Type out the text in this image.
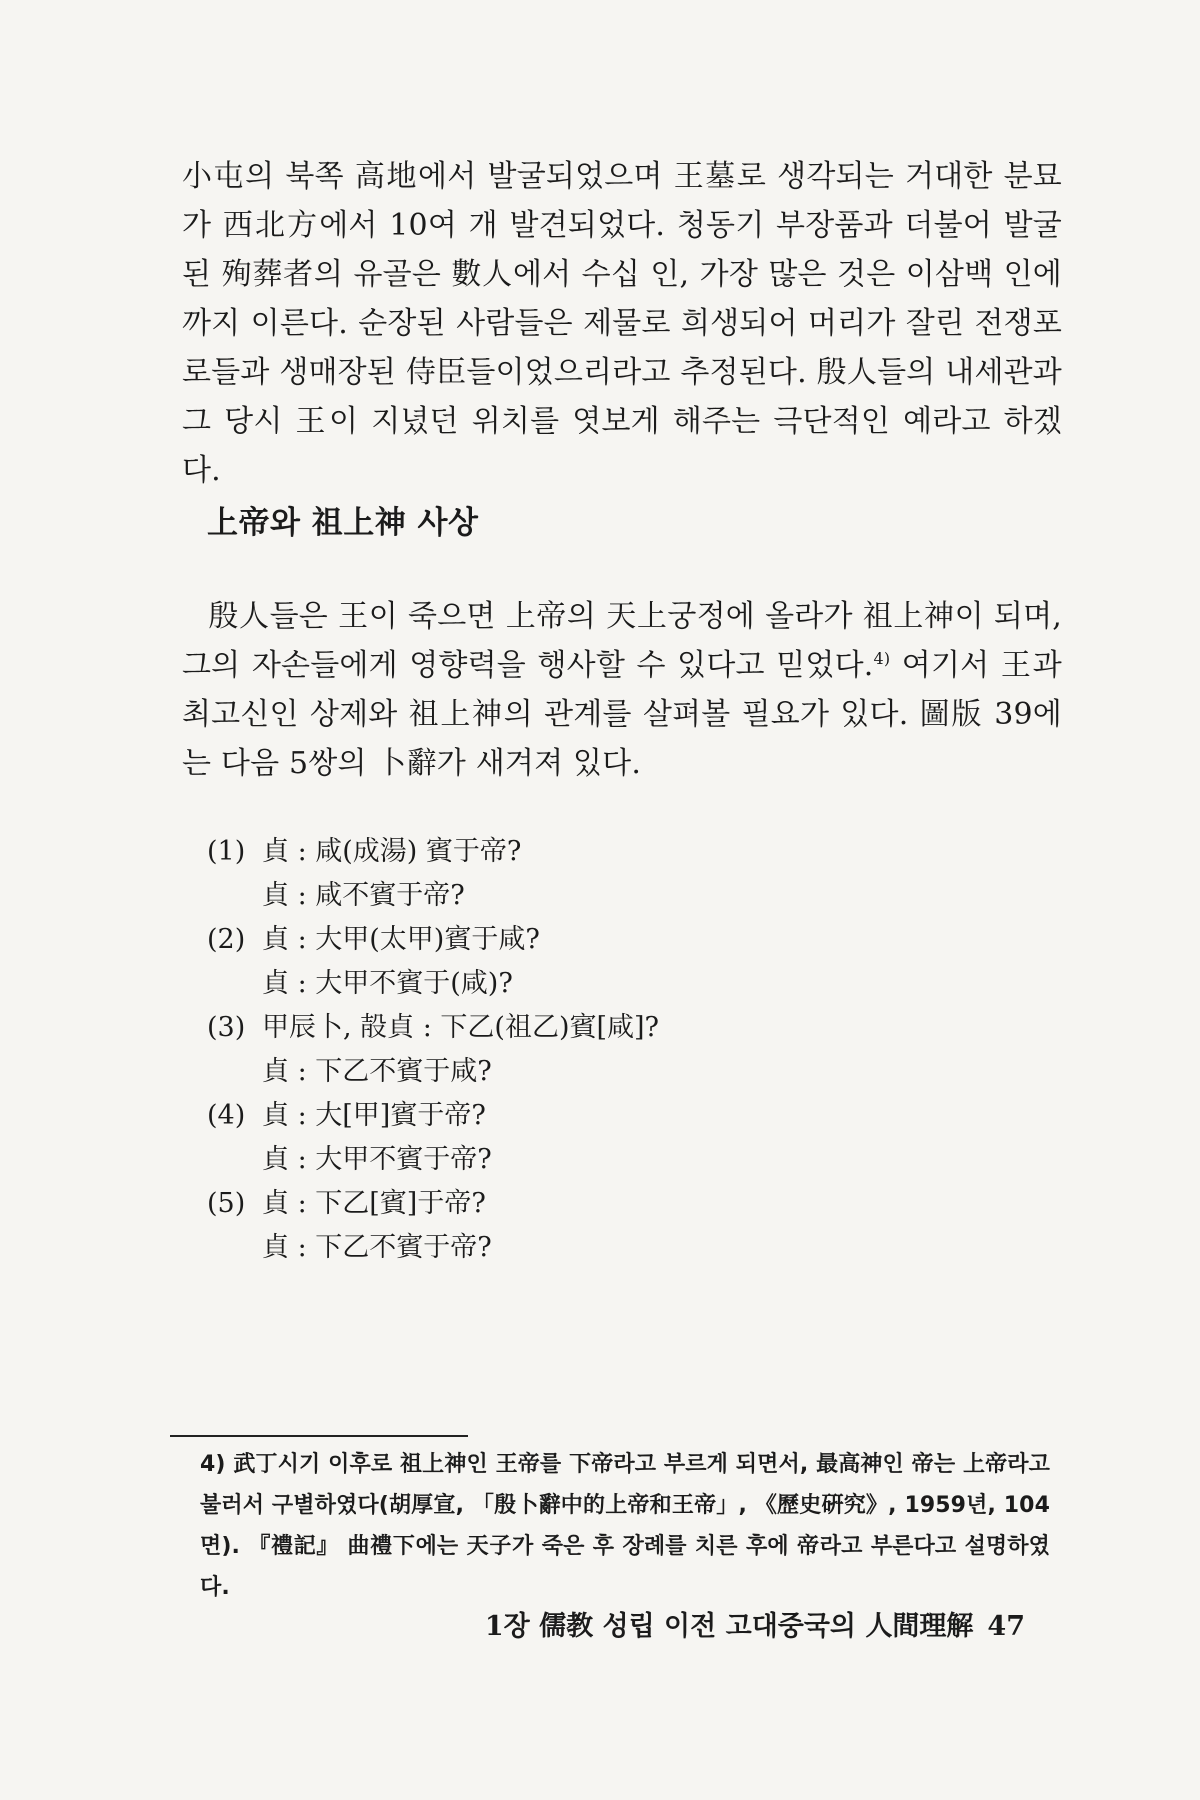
小屯의 북쪽 高地에서 발굴되었으며 王墓로 생각되는 거대한 분묘가 西北方에서 10여 개 발견되었다. 청동기 부장품과 더불어 발굴된 殉葬者의 유골은 數人에서 수십 인, 가장 많은 것은 이삼백 인에까지 이른다. 순장된 사람들은 제물로 희생되어 머리가 잘린 전쟁포로들과 생매장된 侍臣들이었으리라고 추정된다. 殷人들의 내세관과 그 당시 王이 지녔던 위치를 엿보게 해주는 극단적인 예라고 하겠다.

上帝와 祖上神 사상

殷人들은 王이 죽으면 上帝의 天上궁정에 올라가 祖上神이 되며, 그의 자손들에게 영향력을 행사할 수 있다고 믿었다.$^{4)}$ 여기서 王과 최고신인 상제와 祖上神의 관계를 살펴볼 필요가 있다. 圖版 39에는 다음 5쌍의 卜辭가 새겨져 있다.

(1) 貞 : 咸(成湯) 賓于帝?
貞 : 咸不賓于帝?
(2) 貞 : 大甲(太甲)賓于咸?
貞 : 大甲不賓于(咸)?
(3) 甲辰卜, 㱿貞 : 下乙(祖乙)賓[咸]?
貞 : 下乙不賓于咸?
(4) 貞 : 大[甲]賓于帝?
貞 : 大甲不賓于帝?
(5) 貞 : 下乙[賓]于帝?
貞 : 下乙不賓于帝?

4) 武丁시기 이후로 祖上神인 王帝를 下帝라고 부르게 되면서, 最高神인 帝는 上帝라고 불러서 구별하였다(胡厚宣, 「殷卜辭中的上帝和王帝」, 《歷史硏究》, 1959년, 104면). 『禮記』 曲禮下에는 天子가 죽은 후 장례를 치른 후에 帝라고 부른다고 설명하였다.

1장 儒教 성립 이전 고대중국의 人間理解 47
